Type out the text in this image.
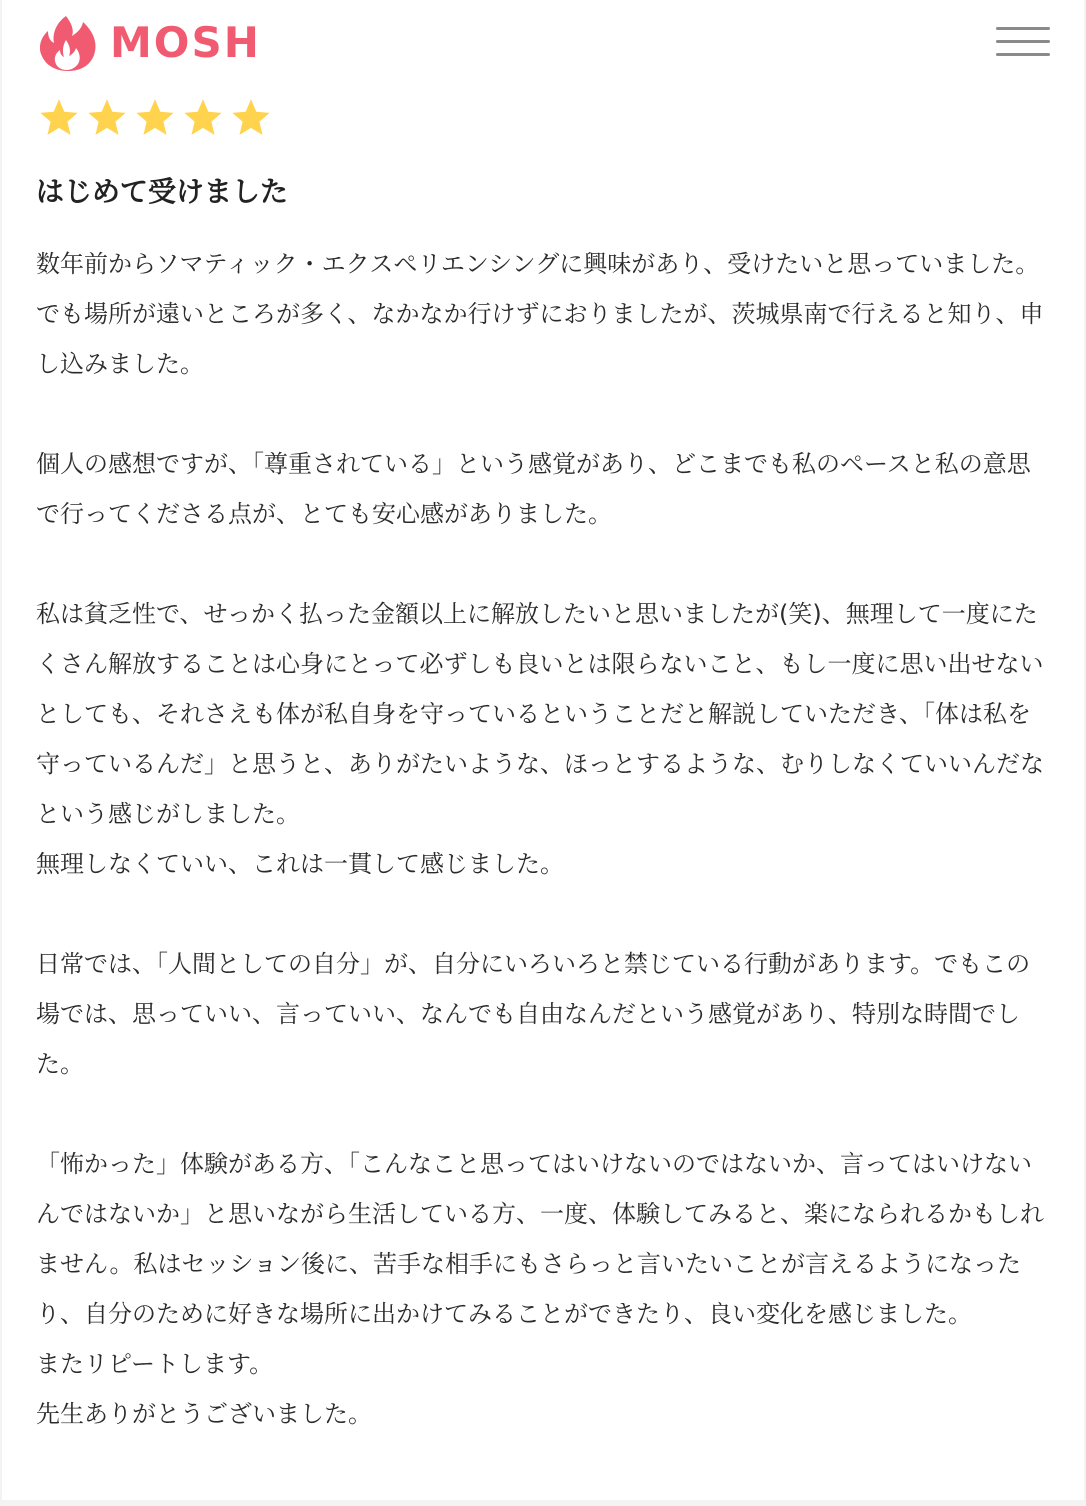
MOSH
はじめて受けました

数年前からソマティック・エクスペリエンシングに興味があり、受けたいと思っていました。でも場所が遠いところが多く、なかなか行けずにおりましたが、茨城県南で行えると知り、申し込みました。

個人の感想ですが、「尊重されている」という感覚があり、どこまでも私のペースと私の意思で行ってくださる点が、とても安心感がありました。

私は貧乏性で、せっかく払った金額以上に解放したいと思いましたが(笑)、無理して一度にたくさん解放することは心身にとって必ずしも良いとは限らないこと、もし一度に思い出せないとしても、それさえも体が私自身を守っているということだと解説していただき、「体は私を守っているんだ」と思うと、ありがたいような、ほっとするような、むりしなくていいんだなという感じがしました。

無理しなくていい、これは一貫して感じました。

日常では、「人間としての自分」が、自分にいろいろと禁じている行動があります。でもこの場では、思っていい、言っていい、なんでも自由なんだという感覚があり、特別な時間でした。

「怖かった」体験がある方、「こんなこと思ってはいけないのではないか、言ってはいけないんではないか」と思いながら生活している方、一度、体験してみると、楽になられるかもしれません。私はセッション後に、苦手な相手にもさらっと言いたいことが言えるようになったり、自分のために好きな場所に出かけてみることができたり、良い変化を感じました。

またリピートします。

先生ありがとうございました。
